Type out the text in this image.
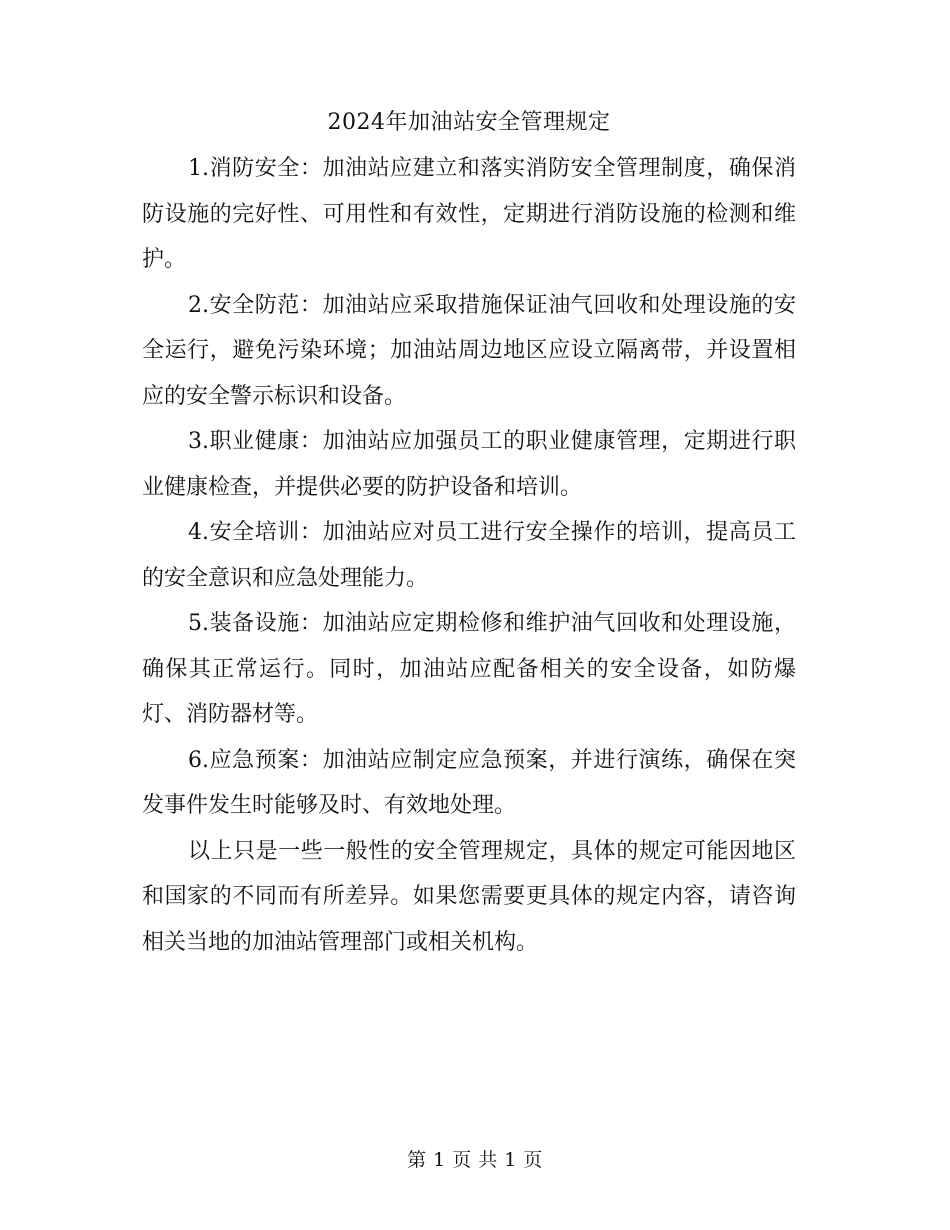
2024年加油站安全管理规定

1.消防安全：加油站应建立和落实消防安全管理制度，确保消防设施的完好性、可用性和有效性，定期进行消防设施的检测和维护。

2.安全防范：加油站应采取措施保证油气回收和处理设施的安全运行，避免污染环境；加油站周边地区应设立隔离带，并设置相应的安全警示标识和设备。

3.职业健康：加油站应加强员工的职业健康管理，定期进行职业健康检查，并提供必要的防护设备和培训。

4.安全培训：加油站应对员工进行安全操作的培训，提高员工的安全意识和应急处理能力。

5.装备设施：加油站应定期检修和维护油气回收和处理设施，确保其正常运行。同时，加油站应配备相关的安全设备，如防爆灯、消防器材等。

6.应急预案：加油站应制定应急预案，并进行演练，确保在突发事件发生时能够及时、有效地处理。

以上只是一些一般性的安全管理规定，具体的规定可能因地区和国家的不同而有所差异。如果您需要更具体的规定内容，请咨询相关当地的加油站管理部门或相关机构。

第 1 页 共 1 页
